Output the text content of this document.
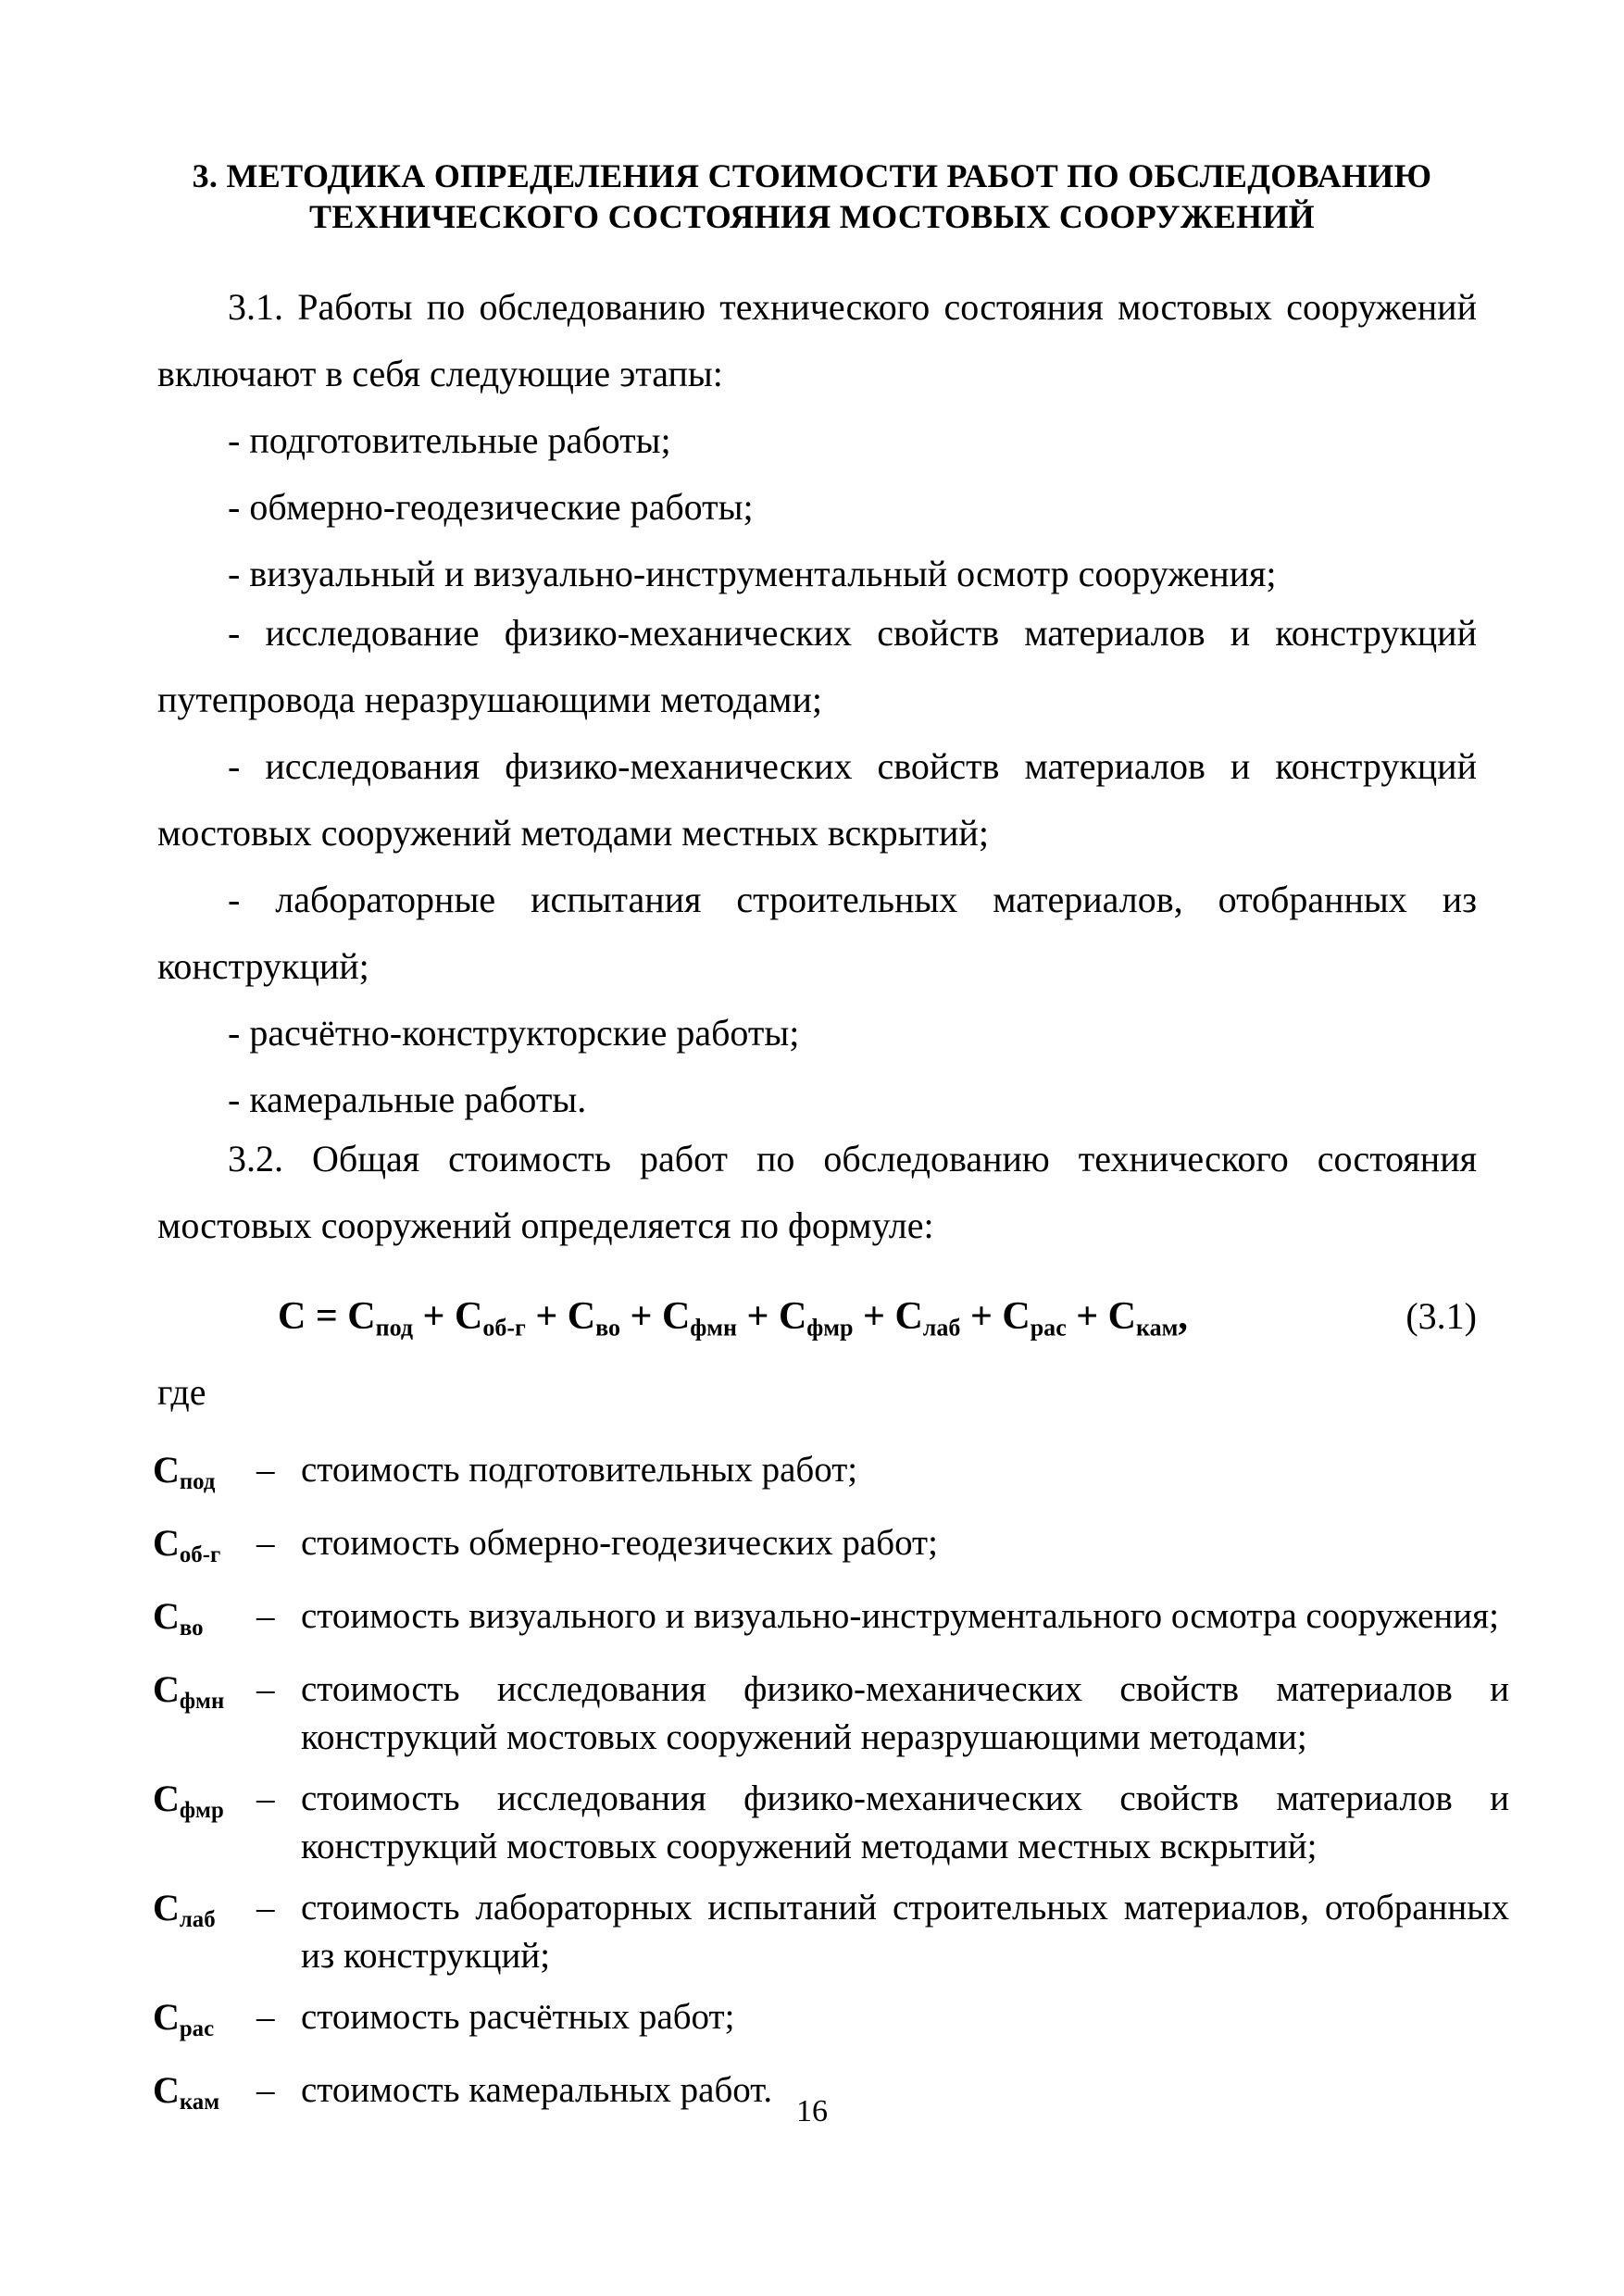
3. МЕТОДИКА ОПРЕДЕЛЕНИЯ СТОИМОСТИ РАБОТ ПО ОБСЛЕДОВАНИЮ
ТЕХНИЧЕСКОГО СОСТОЯНИЯ МОСТОВЫХ СООРУЖЕНИЙ
3.1. Работы по обследованию технического состояния мостовых сооружений включают в себя следующие этапы:
- подготовительные работы;
- обмерно-геодезические работы;
- визуальный и визуально-инструментальный осмотр сооружения;
- исследование физико-механических свойств материалов и конструкций путепровода неразрушающими методами;
- исследования физико-механических свойств материалов и конструкций мостовых сооружений методами местных вскрытий;
- лабораторные испытания строительных материалов, отобранных из конструкций;
- расчётно-конструкторские работы;
- камеральные работы.
3.2. Общая стоимость работ по обследованию технического состояния мостовых сооружений определяется по формуле:
$С = С_{под} + С_{об-г} + С_{во} + С_{фмн} + С_{фмр} + С_{лаб} + С_{рас} + С_{кам}$,	(3.1)
где
$С_{под}$	– стоимость подготовительных работ;
$С_{об-г}$ – стоимость обмерно-геодезических работ;
$С_{во}$	– стоимость визуального и визуально-инструментального осмотра сооружения;
$С_{фмн}$ – стоимость исследования физико-механических свойств материалов и конструкций мостовых сооружений неразрушающими методами;
$С_{фмр}$ – стоимость исследования физико-механических свойств материалов и конструкций мостовых сооружений методами местных вскрытий;
$С_{лаб}$	– стоимость лабораторных испытаний строительных материалов, отобранных из конструкций;
$С_{рас}$	– стоимость расчётных работ;
$С_{кам}$	– стоимость камеральных работ.
16
